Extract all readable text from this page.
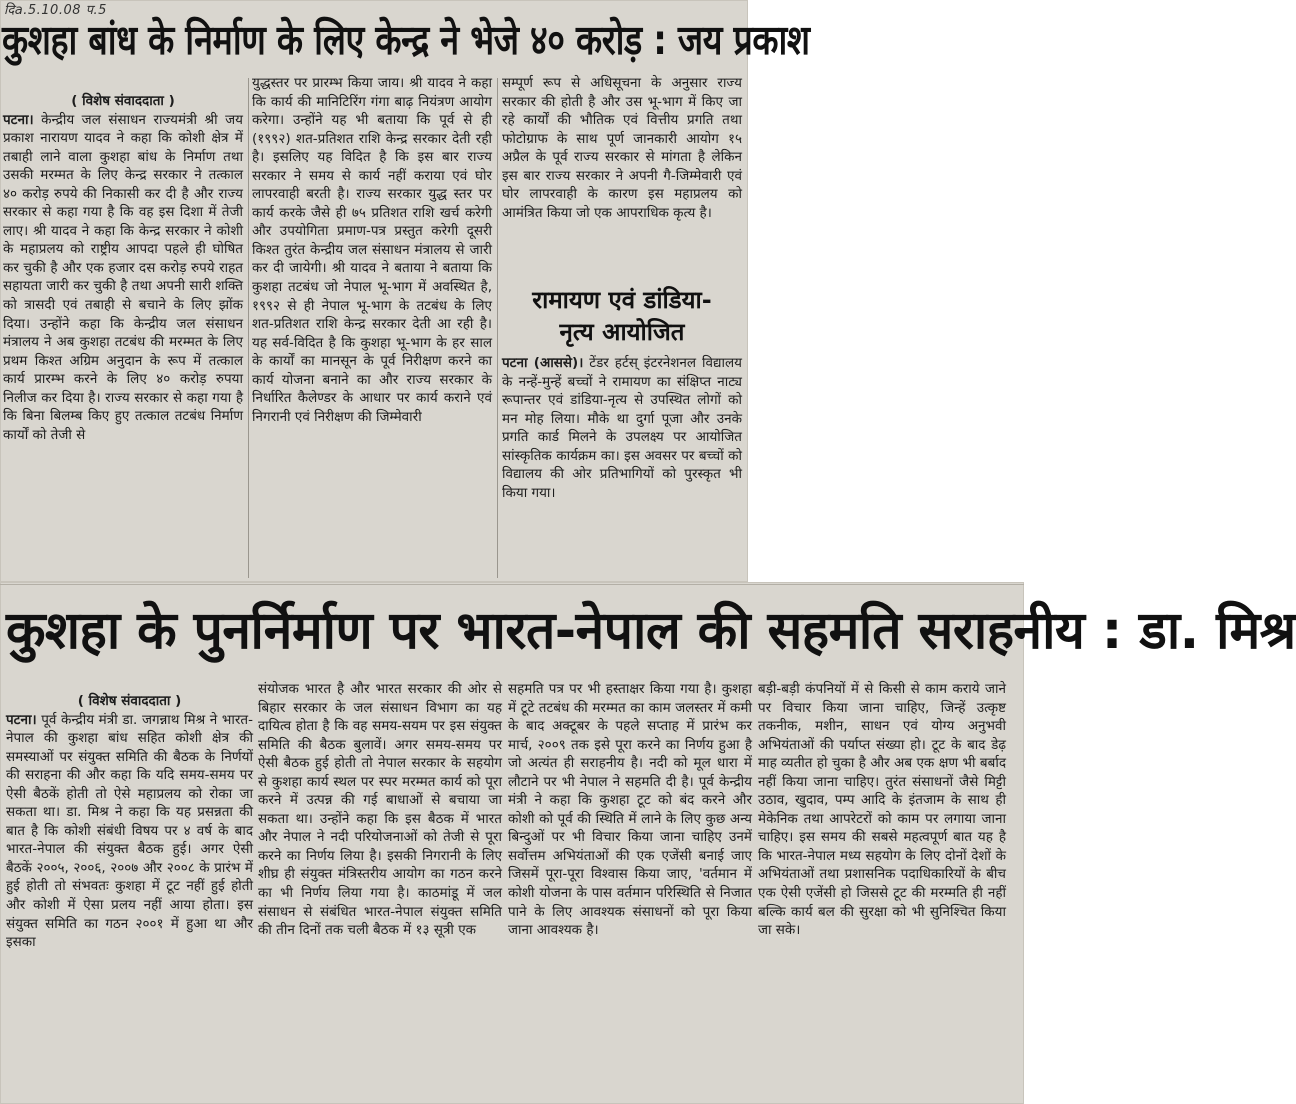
दिa.5.10.08 प.5
कुशहा बांध के निर्माण के लिए केन्द्र ने भेजे ४० करोड़ : जय प्रकाश

( विशेष संवाददाता )

पटना। केन्द्रीय जल संसाधन राज्यमंत्री श्री जय प्रकाश नारायण यादव ने कहा कि कोशी क्षेत्र में तबाही लाने वाला कुशहा बांध के निर्माण तथा उसकी मरम्मत के लिए केन्द्र सरकार ने तत्काल ४० करोड़ रुपये की निकासी कर दी है और राज्य सरकार से कहा गया है कि वह इस दिशा में तेजी लाए। श्री यादव ने कहा कि केन्द्र सरकार ने कोशी के महाप्रलय को राष्ट्रीय आपदा पहले ही घोषित कर चुकी है और एक हजार दस करोड़ रुपये राहत सहायता जारी कर चुकी है तथा अपनी सारी शक्ति को त्रासदी एवं तबाही से बचाने के लिए झोंक दिया। उन्होंने कहा कि केन्द्रीय जल संसाधन मंत्रालय ने अब कुशहा तटबंध की मरम्मत के लिए प्रथम किश्त अग्रिम अनुदान के रूप में तत्काल कार्य प्रारम्भ करने के लिए ४० करोड़ रुपया निलीज कर दिया है। राज्य सरकार से कहा गया है कि बिना बिलम्ब किए हुए तत्काल तटबंध निर्माण कार्यों को तेजी से

युद्धस्तर पर प्रारम्भ किया जाय। श्री यादव ने कहा कि कार्य की मानिटिरिंग गंगा बाढ़ नियंत्रण आयोग करेगा। उन्होंने यह भी बताया कि पूर्व से ही (१९९२) शत-प्रतिशत राशि केन्द्र सरकार देती रही है। इसलिए यह विदित है कि इस बार राज्य सरकार ने समय से कार्य नहीं कराया एवं घोर लापरवाही बरती है। राज्य सरकार युद्ध स्तर पर कार्य करके जैसे ही ७५ प्रतिशत राशि खर्च करेगी और उपयोगिता प्रमाण-पत्र प्रस्तुत करेगी दूसरी किश्त तुरंत केन्द्रीय जल संसाधन मंत्रालय से जारी कर दी जायेगी। श्री यादव ने बताया ने बताया कि कुशहा तटबंध जो नेपाल भू-भाग में अवस्थित है, १९९२ से ही नेपाल भू-भाग के तटबंध के लिए शत-प्रतिशत राशि केन्द्र सरकार देती आ रही है। यह सर्व-विदित है कि कुशहा भू-भाग के हर साल के कार्यों का मानसून के पूर्व निरीक्षण करने का कार्य योजना बनाने का और राज्य सरकार के निर्धारित कैलेण्डर के आधार पर कार्य कराने एवं निगरानी एवं निरीक्षण की जिम्मेवारी

सम्पूर्ण रूप से अधिसूचना के अनुसार राज्य सरकार की होती है और उस भू-भाग में किए जा रहे कार्यों की भौतिक एवं वित्तीय प्रगति तथा फोटोग्राफ के साथ पूर्ण जानकारी आयोग १५ अप्रैल के पूर्व राज्य सरकार से मांगता है लेकिन इस बार राज्य सरकार ने अपनी गै-जिम्मेवारी एवं घोर लापरवाही के कारण इस महाप्रलय को आमंत्रित किया जो एक आपराधिक कृत्य है।

रामायण एवं डांडिया-
नृत्य आयोजित

पटना (आससे)। टेंडर हर्टस् इंटरनेशनल विद्यालय के नन्हें-मुन्हें बच्चों ने रामायण का संक्षिप्त नाट्य रूपान्तर एवं डांडिया-नृत्य से उपस्थित लोगों को मन मोह लिया। मौके था दुर्गा पूजा और उनके प्रगति कार्ड मिलने के उपलक्ष्य पर आयोजित सांस्कृतिक कार्यक्रम का। इस अवसर पर बच्चों को विद्यालय की ओर प्रतिभागियों को पुरस्कृत भी किया गया।

कुशहा के पुनर्निर्माण पर भारत-नेपाल की सहमति सराहनीय : डा. मिश्र

( विशेष संवाददाता )

पटना। पूर्व केन्द्रीय मंत्री डा. जगन्नाथ मिश्र ने भारत-नेपाल की कुशहा बांध सहित कोशी क्षेत्र की समस्याओं पर संयुक्त समिति की बैठक के निर्णयों की सराहना की और कहा कि यदि समय-समय पर ऐसी बैठकें होती तो ऐसे महाप्रलय को रोका जा सकता था। डा. मिश्र ने कहा कि यह प्रसन्नता की बात है कि कोशी संबंधी विषय पर ४ वर्ष के बाद भारत-नेपाल की संयुक्त बैठक हुई। अगर ऐसी बैठकें २००५, २००६, २००७ और २००८ के प्रारंभ में हुई होती तो संभवतः कुशहा में टूट नहीं हुई होती और कोशी में ऐसा प्रलय नहीं आया होता। इस संयुक्त समिति का गठन २००१ में हुआ था और इसका

संयोजक भारत है और भारत सरकार की ओर से बिहार सरकार के जल संसाधन विभाग का यह दायित्व होता है कि वह समय-सयम पर इस संयुक्त समिति की बैठक बुलावें। अगर समय-समय पर ऐसी बैठक हुई होती तो नेपाल सरकार के सहयोग से कुशहा कार्य स्थल पर स्पर मरम्मत कार्य को पूरा करने में उत्पन्न की गई बाधाओं से बचाया जा सकता था। उन्होंने कहा कि इस बैठक में भारत और नेपाल ने नदी परियोजनाओं को तेजी से पूरा करने का निर्णय लिया है। इसकी निगरानी के लिए शीघ्र ही संयुक्त मंत्रिस्तरीय आयोग का गठन करने का भी निर्णय लिया गया है। काठमांडू में जल संसाधन से संबंधित भारत-नेपाल संयुक्त समिति की तीन दिनों तक चली बैठक में १३ सूत्री एक

सहमति पत्र पर भी हस्ताक्षर किया गया है। कुशहा में टूटे तटबंध की मरम्मत का काम जलस्तर में कमी के बाद अक्टूबर के पहले सप्ताह में प्रारंभ कर मार्च, २००९ तक इसे पूरा करने का निर्णय हुआ है जो अत्यंत ही सराहनीय है। नदी को मूल धारा में लौटाने पर भी नेपाल ने सहमति दी है। पूर्व केन्द्रीय मंत्री ने कहा कि कुशहा टूट को बंद करने और कोशी को पूर्व की स्थिति में लाने के लिए कुछ अन्य बिन्दुओं पर भी विचार किया जाना चाहिए उनमें सर्वोत्तम अभियंताओं की एक एजेंसी बनाई जाए जिसमें पूरा-पूरा विश्वास किया जाए, 'वर्तमान में कोशी योजना के पास वर्तमान परिस्थिति से निजात पाने के लिए आवश्यक संसाधनों को पूरा किया जाना आवश्यक है।

बड़ी-बड़ी कंपनियों में से किसी से काम कराये जाने पर विचार किया जाना चाहिए, जिन्हें उत्कृष्ट तकनीक, मशीन, साधन एवं योग्य अनुभवी अभियंताओं की पर्याप्त संख्या हो। टूट के बाद डेढ़ माह व्यतीत हो चुका है और अब एक क्षण भी बर्बाद नहीं किया जाना चाहिए। तुरंत संसाधनों जैसे मिट्टी उठाव, खुदाव, पम्प आदि के इंतजाम के साथ ही मेकेनिक तथा आपरेटरों को काम पर लगाया जाना चाहिए। इस समय की सबसे महत्वपूर्ण बात यह है कि भारत-नेपाल मध्य सहयोग के लिए दोनों देशों के अभियंताओं तथा प्रशासनिक पदाधिकारियों के बीच एक ऐसी एजेंसी हो जिससे टूट की मरम्मति ही नहीं बल्कि कार्य बल की सुरक्षा को भी सुनिश्चित किया जा सके।
